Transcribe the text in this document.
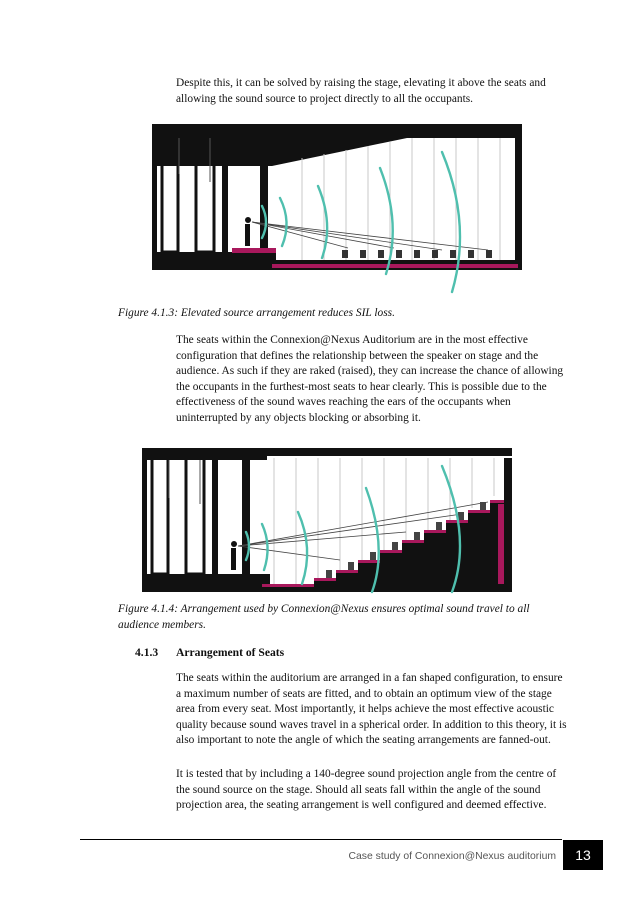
Despite this, it can be solved by raising the stage, elevating it above the seats and allowing the sound source to project directly to all the occupants.

Figure 4.1.3: Elevated source arrangement reduces SIL loss.

The seats within the Connexion@Nexus Auditorium are in the most effective configuration that defines the relationship between the speaker on stage and the audience. As such if they are raked (raised), they can increase the chance of allowing the occupants in the furthest-most seats to hear clearly. This is possible due to the effectiveness of the sound waves reaching the ears of the occupants when uninterrupted by any objects blocking or absorbing it.

Figure 4.1.4: Arrangement used by Connexion@Nexus ensures optimal sound travel to all audience members.

4.1.3 Arrangement of Seats

The seats within the auditorium are arranged in a fan shaped configuration, to ensure a maximum number of seats are fitted, and to obtain an optimum view of the stage area from every seat. Most importantly, it helps achieve the most effective acoustic quality because sound waves travel in a spherical order. In addition to this theory, it is also important to note the angle of which the seating arrangements are fanned-out.

It is tested that by including a 140-degree sound projection angle from the centre of the sound source on the stage. Should all seats fall within the angle of the sound projection area, the seating arrangement is well configured and deemed effective.

Case study of Connexion@Nexus auditorium	13
